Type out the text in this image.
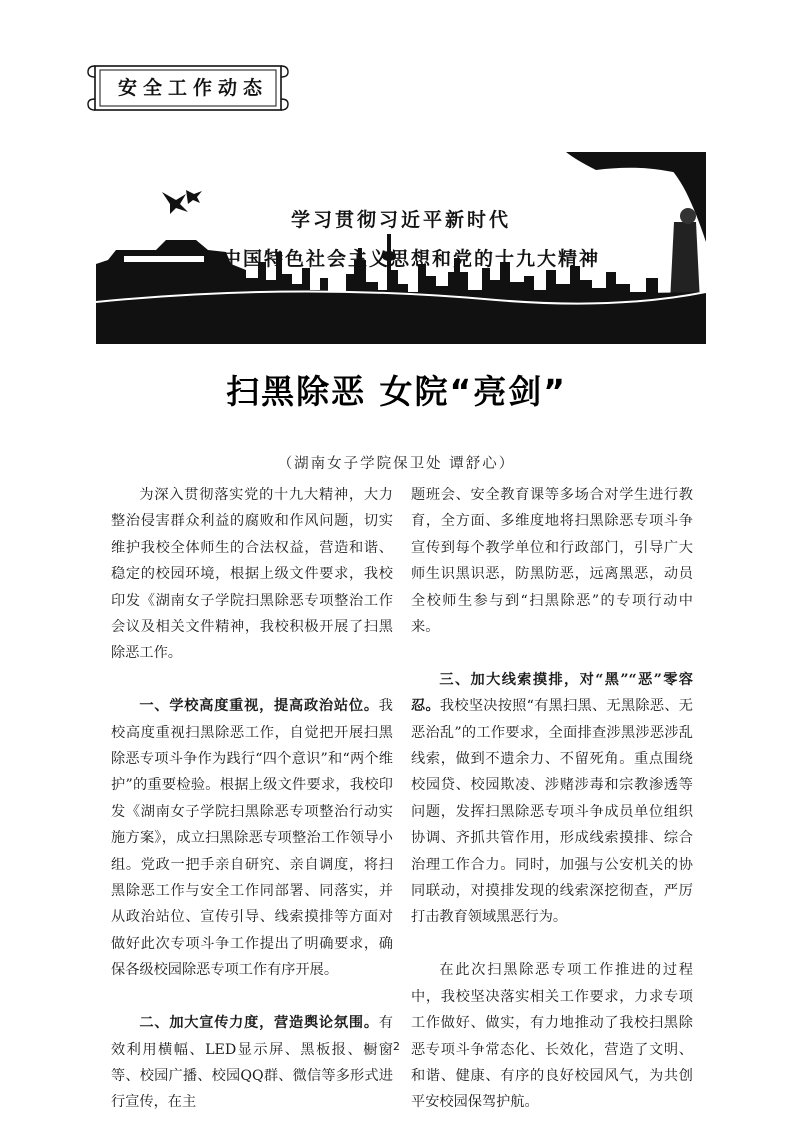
安全工作动态
学习贯彻习近平新时代
中国特色社会主义思想和党的十九大精神
扫黑除恶 女院“亮剑”
（湖南女子学院保卫处 谭舒心）

为深入贯彻落实党的十九大精神，大力整治侵害群众利益的腐败和作风问题，切实维护我校全体师生的合法权益，营造和谐、稳定的校园环境，根据上级文件要求，我校印发《湖南女子学院扫黑除恶专项整治工作会议及相关文件精神，我校积极开展了扫黑除恶工作。

一、学校高度重视，提高政治站位。我校高度重视扫黑除恶工作，自觉把开展扫黑除恶专项斗争作为践行“四个意识”和“两个维护”的重要检验。根据上级文件要求，我校印发《湖南女子学院扫黑除恶专项整治行动实施方案》，成立扫黑除恶专项整治工作领导小组。党政一把手亲自研究、亲自调度，将扫黑除恶工作与安全工作同部署、同落实，并从政治站位、宣传引导、线索摸排等方面对做好此次专项斗争工作提出了明确要求，确保各级校园除恶专项工作有序开展。

二、加大宣传力度，营造舆论氛围。有效利用横幅、LED显示屏、黑板报、橱窗等、校园广播、校园QQ群、微信等多形式进行宣传，在主

题班会、安全教育课等多场合对学生进行教育，全方面、多维度地将扫黑除恶专项斗争宣传到每个教学单位和行政部门，引导广大师生识黑识恶，防黑防恶，远离黑恶，动员全校师生参与到“扫黑除恶”的专项行动中来。

三、加大线索摸排，对“黑”“恶”零容忍。我校坚决按照“有黑扫黑、无黑除恶、无恶治乱”的工作要求，全面排查涉黑涉恶涉乱线索，做到不遗余力、不留死角。重点围绕校园贷、校园欺凌、涉赌涉毒和宗教渗透等问题，发挥扫黑除恶专项斗争成员单位组织协调、齐抓共管作用，形成线索摸排、综合治理工作合力。同时，加强与公安机关的协同联动，对摸排发现的线索深挖彻查，严厉打击教育领域黑恶行为。

在此次扫黑除恶专项工作推进的过程中，我校坚决落实相关工作要求，力求专项工作做好、做实，有力地推动了我校扫黑除恶专项斗争常态化、长效化，营造了文明、和谐、健康、有序的良好校园风气，为共创平安校园保驾护航。

2
